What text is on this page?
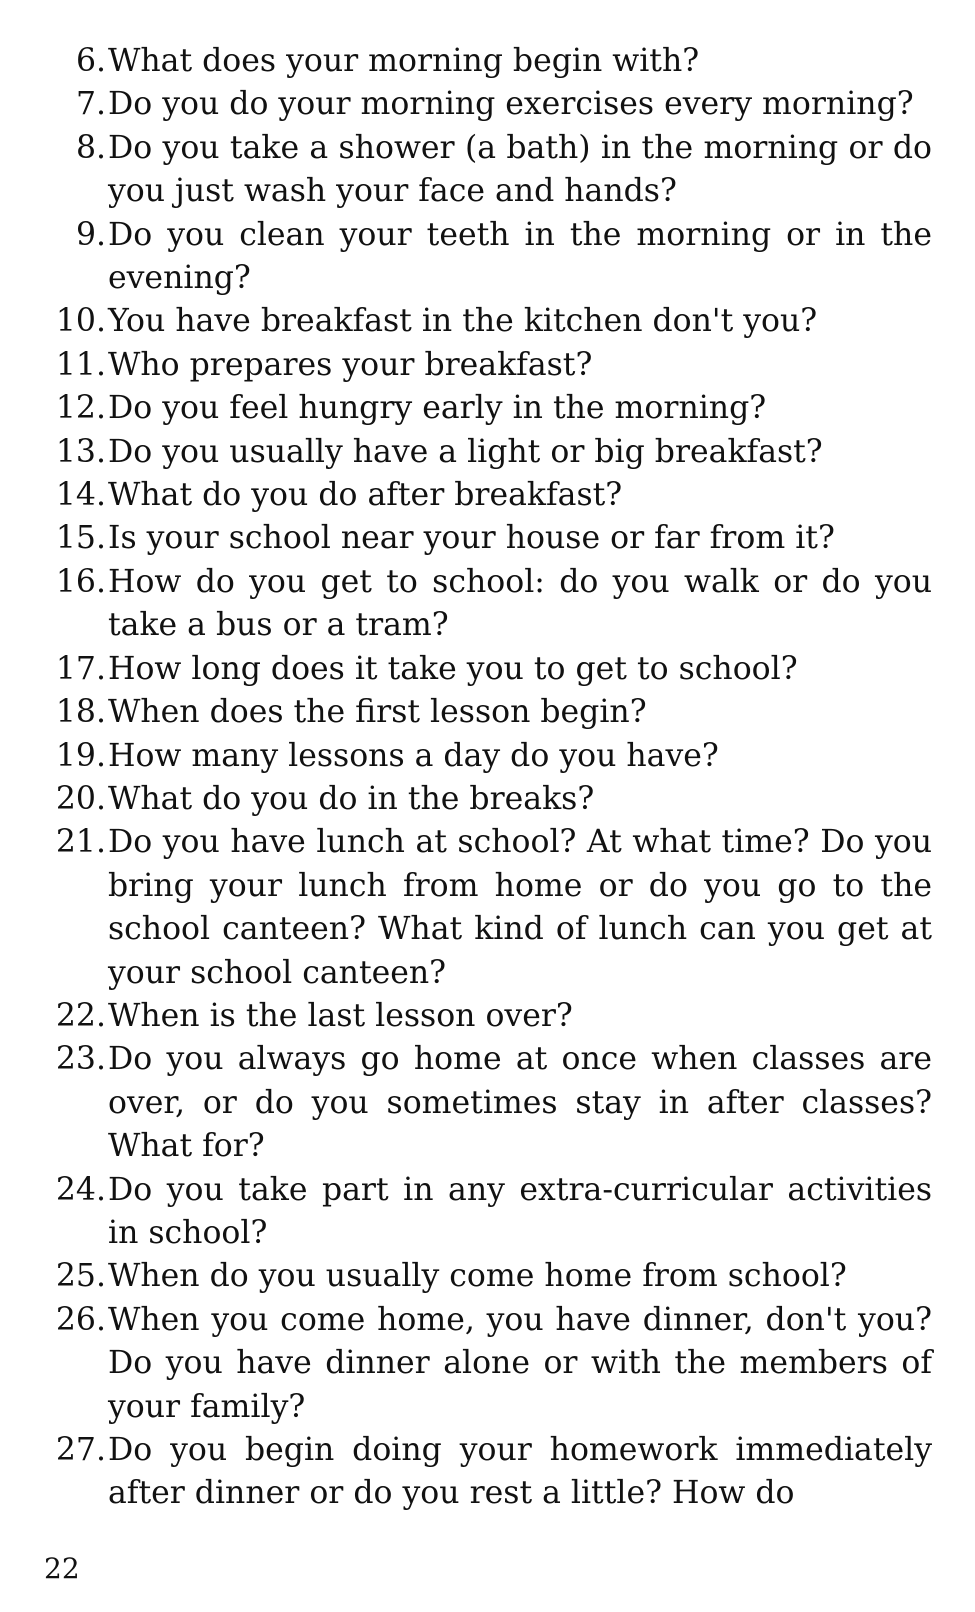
6. What does your morning begin with?
7. Do you do your morning exercises every morning?
8. Do you take a shower (a bath) in the morning or do you just wash your face and hands?
9. Do you clean your teeth in the morning or in the evening?
10. You have breakfast in the kitchen don't you?
11. Who prepares your breakfast?
12. Do you feel hungry early in the morning?
13. Do you usually have a light or big breakfast?
14. What do you do after breakfast?
15. Is your school near your house or far from it?
16. How do you get to school: do you walk or do you take a bus or a tram?
17. How long does it take you to get to school?
18. When does the first lesson begin?
19. How many lessons a day do you have?
20. What do you do in the breaks?
21. Do you have lunch at school? At what time? Do you bring your lunch from home or do you go to the school canteen? What kind of lunch can you get at your school canteen?
22. When is the last lesson over?
23. Do you always go home at once when classes are over, or do you sometimes stay in after classes? What for?
24. Do you take part in any extra-curricular activities in school?
25. When do you usually come home from school?
26. When you come home, you have dinner, don't you? Do you have dinner alone or with the members of your family?
27. Do you begin doing your homework immediately after dinner or do you rest a little? How do
22
